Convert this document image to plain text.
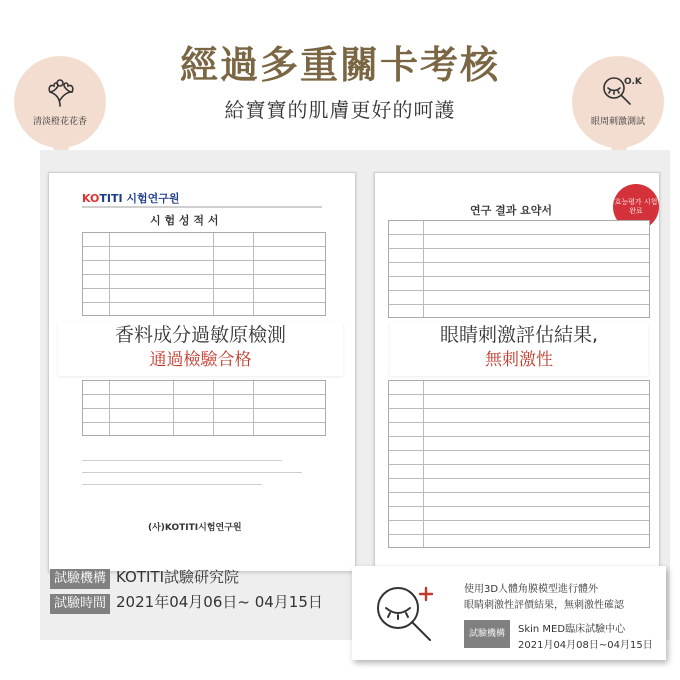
經過多重關卡考核
給寶寶的肌膚更好的呵護
清淡橙花花香
O.K
眼周刺激測試
KOTITI 시험연구원
시 험 성 적 서
(사)KOTITI시험연구원
연구 결과 요약서
효능평가 시험완료
香料成分過敏原檢測
通過檢驗合格
眼睛刺激評估結果,
無刺激性
試驗機構 KOTITI試驗研究院
試驗時間 2021年04月06日~ 04月15日
使用3D人體角膜模型進行體外
眼睛刺激性評價結果，無刺激性確認
試驗機構	Skin MED臨床試驗中心
2021月04月08日~04月15日
